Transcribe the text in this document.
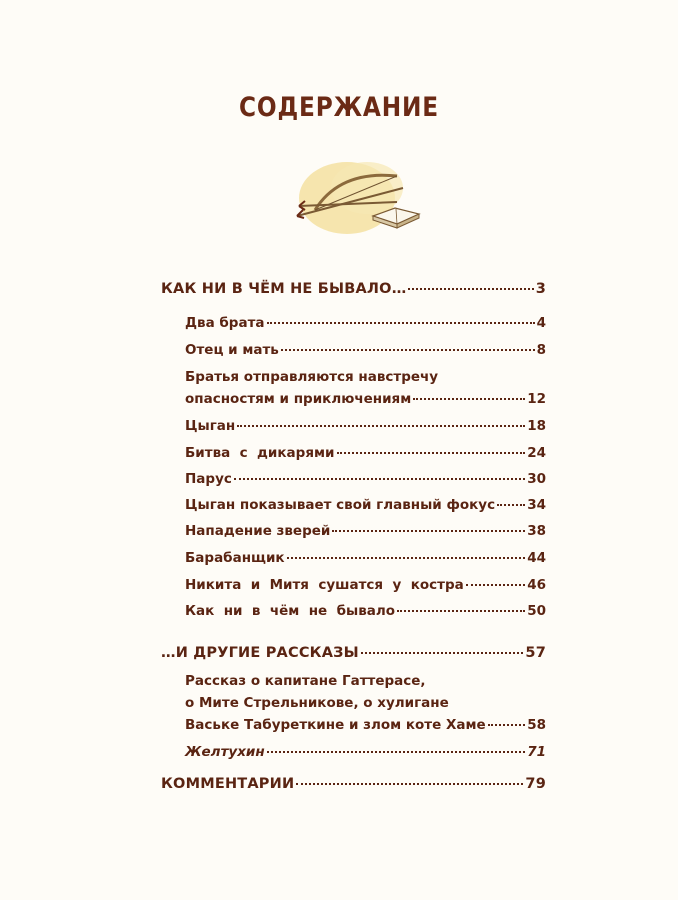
СОДЕРЖАНИЕ
КАК НИ В ЧЁМ НЕ БЫВАЛО…	3
Два брата	4
Отец и мать	8
Братья отправляются навстречу
опасностям и приключениям	12
Цыган	18
Битва  с  дикарями	24
Парус	30
Цыган показывает свой главный фокус 34
Нападение зверей	38
Барабанщик	44
Никита  и  Митя  сушатся  у  костра	46
Как  ни  в  чём  не  бывало	50
…И ДРУГИЕ РАССКАЗЫ	57
Рассказ о капитане Гаттерасе,
о Мите Стрельникове, о хулигане
Ваське Табуреткине и злом коте Хаме	58
Желтухин	71
КОММЕНТАРИИ	79
